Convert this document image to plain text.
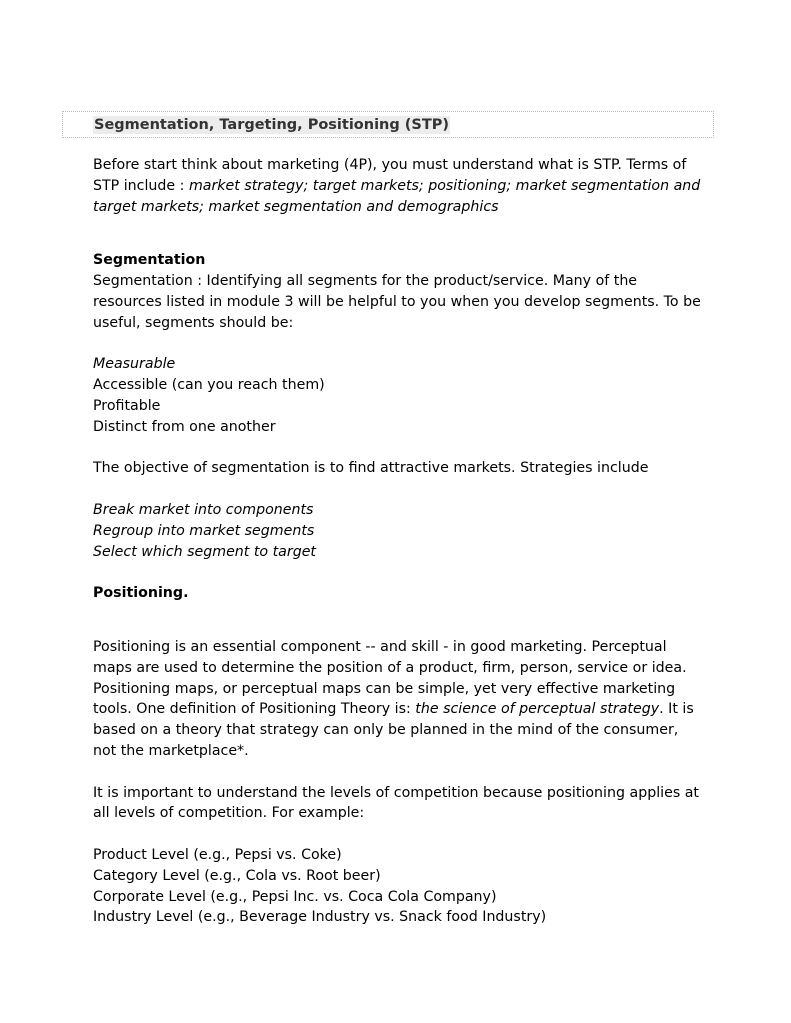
Segmentation, Targeting, Positioning (STP)

Before start think about marketing (4P), you must understand what is STP. Terms of STP include : market strategy; target markets; positioning; market segmentation and target markets; market segmentation and demographics

Segmentation

Segmentation : Identifying all segments for the product/service. Many of the resources listed in module 3 will be helpful to you when you develop segments. To be useful, segments should be:

Measurable
Accessible (can you reach them)
Profitable
Distinct from one another

The objective of segmentation is to find attractive markets. Strategies include

Break market into components
Regroup into market segments
Select which segment to target

Positioning.

Positioning is an essential component -- and skill - in good marketing. Perceptual maps are used to determine the position of a product, firm, person, service or idea. Positioning maps, or perceptual maps can be simple, yet very effective marketing tools. One definition of Positioning Theory is: the science of perceptual strategy. It is based on a theory that strategy can only be planned in the mind of the consumer, not the marketplace*.

It is important to understand the levels of competition because positioning applies at all levels of competition. For example:

Product Level (e.g., Pepsi vs. Coke)
Category Level (e.g., Cola vs. Root beer)
Corporate Level (e.g., Pepsi Inc. vs. Coca Cola Company)
Industry Level (e.g., Beverage Industry vs. Snack food Industry)
